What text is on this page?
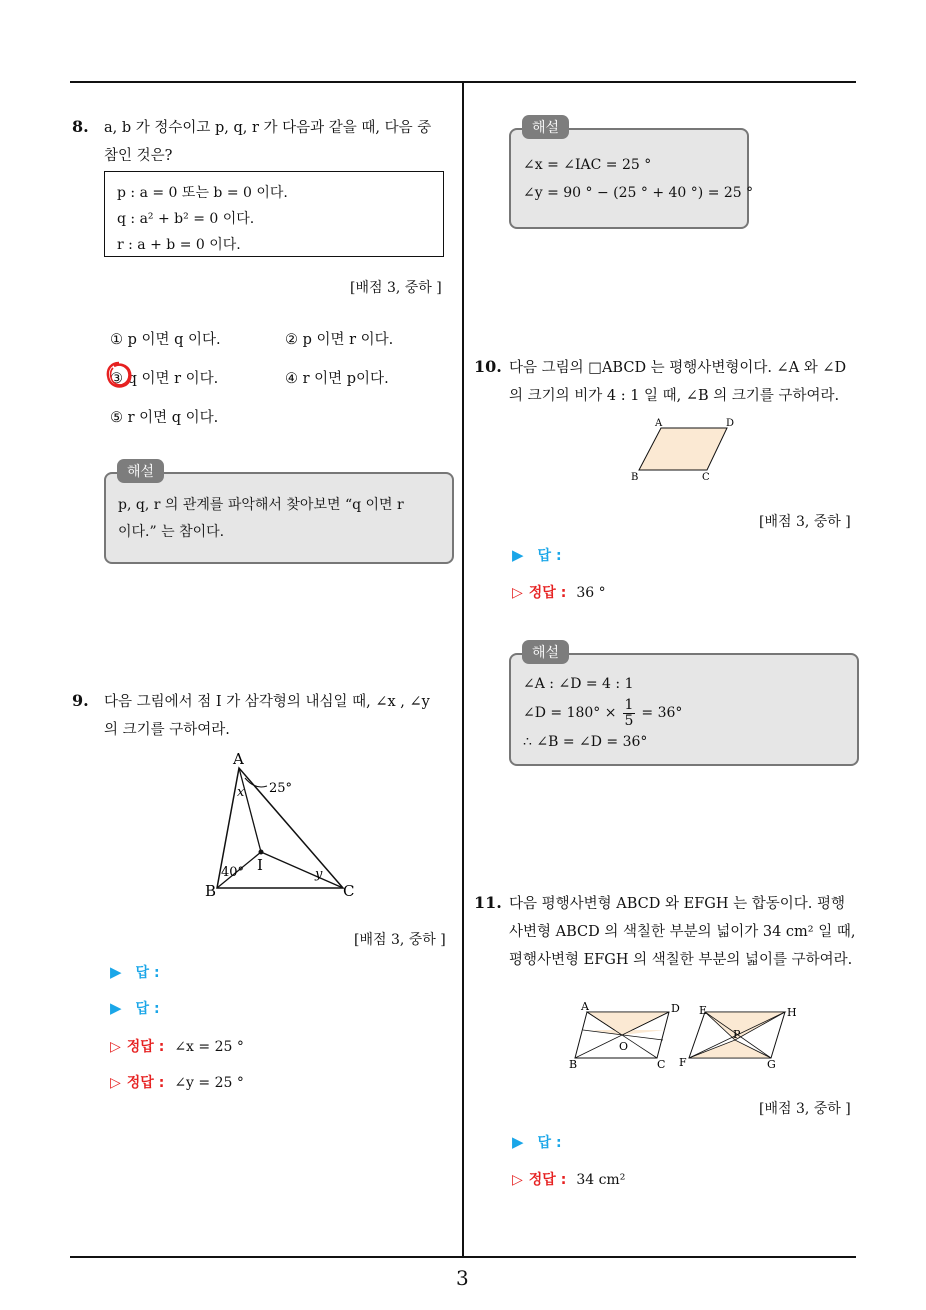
3
8. a, b 가 정수이고 p, q, r 가 다음과 같을 때, 다음 중
참인 것은?
p : a = 0 또는 b = 0 이다.
q : a² + b² = 0 이다.
r : a + b = 0 이다.
[배점 3, 중하 ]
① p 이면 q 이다.	② p 이면 r 이다.
③ q 이면 r 이다.	④ r 이면 p이다.
⑤ r 이면 q 이다.
해설
p, q, r 의 관계를 파악해서 찾아보면 “q 이면 r
이다.” 는 참이다.
9. 다음 그림에서 점 I 가 삼각형의 내심일 때, ∠x , ∠y
의 크기를 구하여라.
A
B	C
I
x
y
25°
40°
[배점 3, 중하 ]
▶ 답 :
▶ 답 :
▷ 정답 : ∠x = 25 °
▷ 정답 : ∠y = 25 °
해설
∠x = ∠IAC = 25 °
∠y = 90 ° − (25 ° + 40 °) = 25 °
10. 다음 그림의 □ABCD 는 평행사변형이다. ∠A 와 ∠D
의 크기의 비가 4 : 1 일 때, ∠B 의 크기를 구하여라.
A	D
B	C
[배점 3, 중하 ]
▶ 답 :
▷ 정답 : 36 °
해설
∠A : ∠D = 4 : 1
∠D = $180^\circ \times \frac{1}{5} = 36^\circ$
∴ ∠B = ∠D = 36°
11. 다음 평행사변형 ABCD 와 EFGH 는 합동이다. 평행
사변형 ABCD 의 색칠한 부분의 넓이가 34 cm² 일 때,
평행사변형 EFGH 의 색칠한 부분의 넓이를 구하여라.
A	D
B	C
O
E	H
F	G
P
[배점 3, 중하 ]
▶ 답 :
▷ 정답 : 34 cm²
